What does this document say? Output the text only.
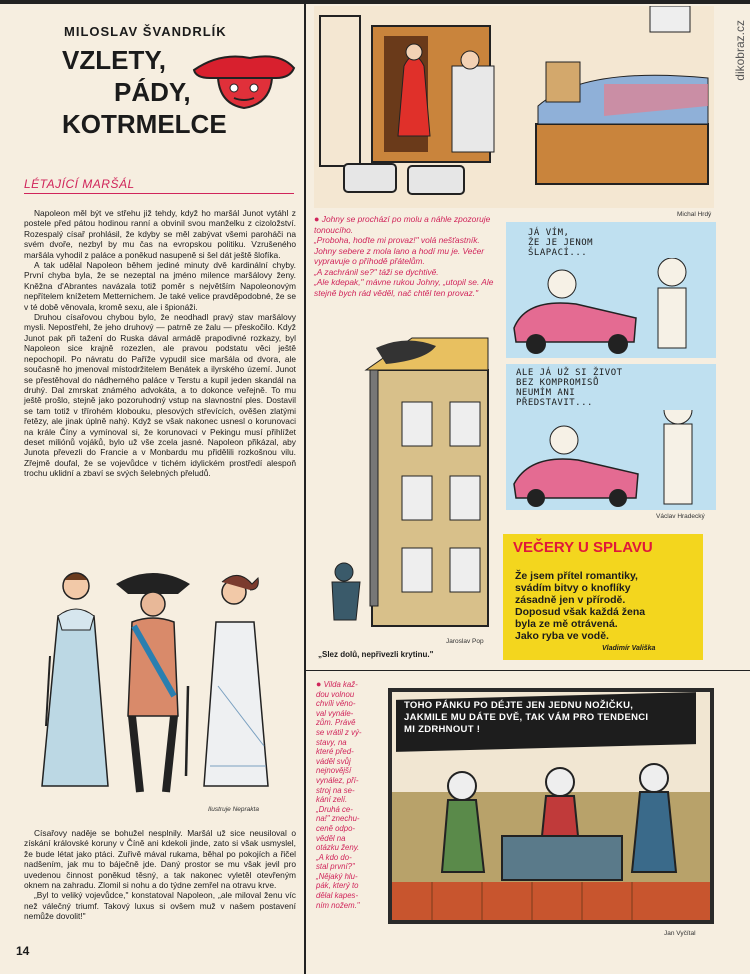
MILOSLAV ŠVANDRLÍK
VZLETY,
PÁDY,
KOTRMELCE
dikobraz.cz
LÉTAJÍCÍ MARŠÁL

Napoleon měl být ve střehu již tehdy, když ho maršál Junot vytáhl z postele před pátou hodinou ranní a obvinil svou manželku z cizoložství. Rozespalý císař prohlásil, že kdyby se měl zabývat všemi paroháči na svém dvoře, nezbyl by mu čas na evropskou politiku. Vzrušeného maršála vyhodil z paláce a poněkud nasupeně si šel dát ještě šlofíka.

A tak udělal Napoleon během jediné minuty dvě kardinální chyby. První chyba byla, že se nezeptal na jméno milence maršálovy ženy. Kněžna d'Abrantes navázala totiž poměr s největším Napoleonovým nepřítelem knížetem Metternichem. Je také velice pravděpodobné, že se v té době věnovala, kromě sexu, ale i špionáži.

Druhou císařovou chybou bylo, že neodhadl pravý stav maršálovy mysli. Nepostřehl, že jeho druhový — patrně ze žalu — přeskočilo. Když Junot pak při tažení do Ruska dával armádě prapodivné rozkazy, byl Napoleon sice krajně rozezlen, ale pravou podstatu věci ještě nepochopil. Po návratu do Paříže vypudil sice maršála od dvora, ale současně ho jmenoval místodržitelem Benátek a ilyrského území. Junot se přestěhoval do nádherného paláce v Terstu a kupil jeden skandál na druhý. Dal zmrskat známého advokáta, a to dokonce veřejně. To mu ještě prošlo, stejně jako pozoruhodný vstup na slavnostní ples. Dostavil se tam totiž v třírohém klobouku, plesových střevících, ověšen zlatými řetězy, ale jinak úplně nahý. Když se však nakonec usnesl o korunovaci na krále Číny a vymínoval si, že korunovaci v Pekingu musí přihlížet deset miliónů vojáků, bylo už vše zcela jasné. Napoleon přikázal, aby Junota převezli do Francie a v Monbardu mu přidělili rozkošnou vilu. Zřejmě doufal, že se vojevůdce v tichém idylickém prostředí alespoň trochu uklidní a zbaví se svých šelebných přeludů.

Ilustruje Neprakta

Císařovy naděje se bohužel nesplnily. Maršál už sice neusiloval o získání královské koruny v Číně ani kdekoli jinde, zato si však usmyslel, že bude létat jako ptáci. Zuřivě mával rukama, běhal po pokojích a řičel nadšením, jak mu to báječně jde. Daný prostor se mu však jevil pro uvedenou činnost poněkud těsný, a tak nakonec vyletěl otevřeným oknem na zahradu. Zlomil si nohu a do týdne zemřel na otravu krve.

„Byl to veliký vojevůdce," konstatoval Napoleon, „ale miloval ženu víc než válečný triumf. Takový luxus si ovšem muž v našem postavení nemůže dovolit!"

14
Michal Hrdý
● Johny se prochází po molu a náhle zpozoruje tonoucího.
„Proboha, hoďte mi provaz!" volá nešťastník.
Johny sebere z mola lano a hodí mu je. Večer vypravuje o příhodě přátelům.
„A zachránil se?" táži se dychtivě.
„Ale kdepak," mávne rukou Johny, „utopil se. Ale stejně bych rád věděl, nač chtěl ten provaz."
JÁ VÍM,
ŽE JE JENOM
ŠLAPACÍ...
ALE JÁ UŽ SI ŽIVOT
BEZ KOMPROMISŮ
NEUMÍM ANI
PŘEDSTAVIT...
Václav Hradecký
Jaroslav Pop
„Slez dolů, nepřivezli krytinu."
VEČERY U SPLAVU
Že jsem přítel romantiky,
svádím bitvy o knoflíky
zásadně jen v přírodě.
Doposud však každá žena
byla ze mě otrávená.
Jako ryba ve vodě.
Vladimír Vališka
● Vilda kaž-
dou volnou
chvíli věno-
val vynále-
zům. Právě
se vrátil z vý-
stavy, na
které před-
váděl svůj
nejnovější
vynález, pří-
stroj na se-
kání zelí.
„Druhá ce-
na!" znechu-
ceně odpo-
věděl na
otázku ženy.
„A kdo do-
stal první?"
„Nějaký hlu-
pák, který to
dělal kapes-
ním nožem."
TOHO PÁNKU PO DÉJTE JEN JEDNU NOŽIČKU,
JAKMILE MU DÁTE DVĚ, TAK VÁM PRO TENDENCI
MI ZDRHNOUT !
Jan Vyčítal
